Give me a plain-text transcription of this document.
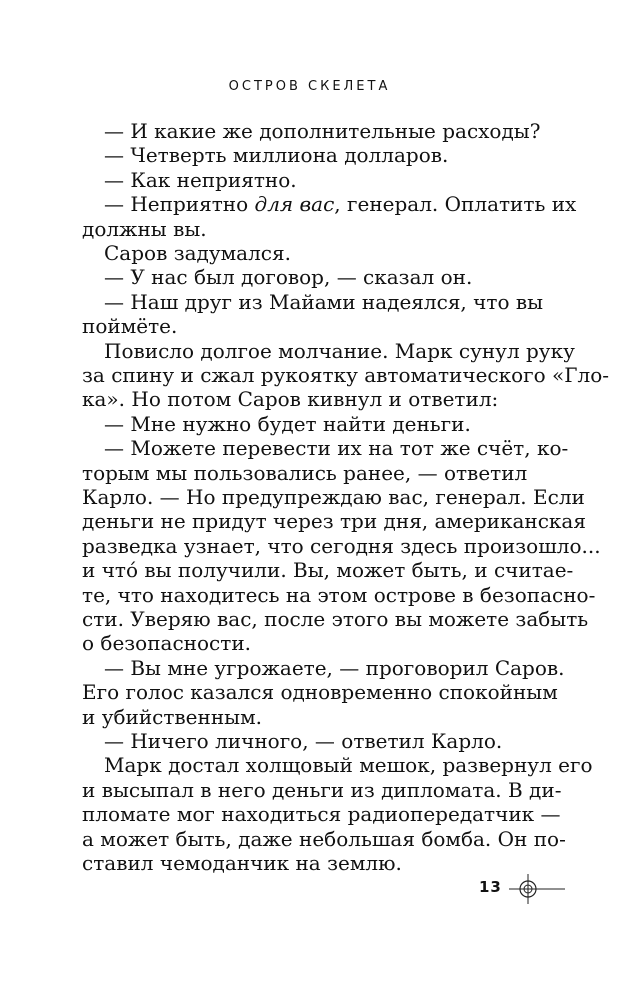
ОСТРОВ СКЕЛЕТА
— И какие же дополнительные расходы?
— Четверть миллиона долларов.
— Как неприятно.
— Неприятно для вас, генерал. Оплатить их
должны вы.
Саров задумался.
— У нас был договор, — сказал он.
— Наш друг из Майами надеялся, что вы
поймёте.
Повисло долгое молчание. Марк сунул руку
за спину и сжал рукоятку автоматического «Гло-
ка». Но потом Саров кивнул и ответил:
— Мне нужно будет найти деньги.
— Можете перевести их на тот же счёт, ко-
торым мы пользовались ранее, — ответил
Карло. — Но предупреждаю вас, генерал. Если
деньги не придут через три дня, американская
разведка узнает, что сегодня здесь произошло...
и что́ вы получили. Вы, может быть, и считае-
те, что находитесь на этом острове в безопасно-
сти. Уверяю вас, после этого вы можете забыть
о безопасности.
— Вы мне угрожаете, — проговорил Саров.
Его голос казался одновременно спокойным
и убийственным.
— Ничего личного, — ответил Карло.
Марк достал холщовый мешок, развернул его
и высыпал в него деньги из дипломата. В ди-
пломате мог находиться радиопередатчик —
а может быть, даже небольшая бомба. Он по-
ставил чемоданчик на землю.
13
